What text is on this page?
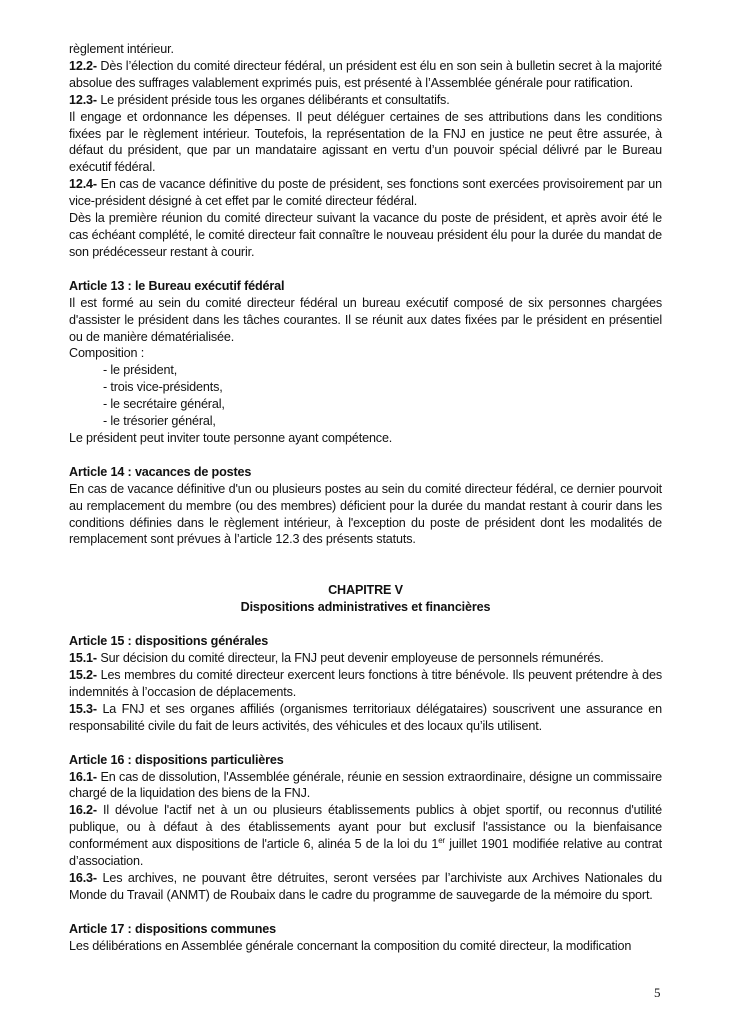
règlement intérieur.

12.2- Dès l’élection du comité directeur fédéral, un président est élu en son sein à bulletin secret à la majorité absolue des suffrages valablement exprimés puis, est présenté à l’Assemblée générale pour ratification.

12.3- Le président préside tous les organes délibérants et consultatifs.

Il engage et ordonnance les dépenses. Il peut déléguer certaines de ses attributions dans les conditions fixées par le règlement intérieur. Toutefois, la représentation de la FNJ en justice ne peut être assurée, à défaut du président, que par un mandataire agissant en vertu d’un pouvoir spécial délivré par le Bureau exécutif fédéral.

12.4- En cas de vacance définitive du poste de président, ses fonctions sont exercées provisoirement par un vice-président désigné à cet effet par le comité directeur fédéral.

Dès la première réunion du comité directeur suivant la vacance du poste de président, et après avoir été le cas échéant complété, le comité directeur fait connaître le nouveau président élu pour la durée du mandat de son prédécesseur restant à courir.

Article 13 : le Bureau exécutif fédéral

Il est formé au sein du comité directeur fédéral un bureau exécutif composé de six personnes chargées d'assister le président dans les tâches courantes. Il se réunit aux dates fixées par le président en présentiel ou de manière dématérialisée.

Composition :

- le président,

- trois vice-présidents,

- le secrétaire général,

- le trésorier général,

Le président peut inviter toute personne ayant compétence.

Article 14 : vacances de postes

En cas de vacance définitive d'un ou plusieurs postes au sein du comité directeur fédéral, ce dernier pourvoit au remplacement du membre (ou des membres) déficient pour la durée du mandat restant à courir dans les conditions définies dans le règlement intérieur, à l'exception du poste de président dont les modalités de remplacement sont prévues à l’article 12.3 des présents statuts.

CHAPITRE V

Dispositions administratives et financières

Article 15 : dispositions générales

15.1- Sur décision du comité directeur, la FNJ peut devenir employeuse de personnels rémunérés.

15.2- Les membres du comité directeur exercent leurs fonctions à titre bénévole. Ils peuvent prétendre à des indemnités à l’occasion de déplacements.

15.3- La FNJ et ses organes affiliés (organismes territoriaux délégataires) souscrivent une assurance en responsabilité civile du fait de leurs activités, des véhicules et des locaux qu’ils utilisent.

Article 16 : dispositions particulières

16.1- En cas de dissolution, l'Assemblée générale, réunie en session extraordinaire, désigne un commissaire chargé de la liquidation des biens de la FNJ.

16.2- Il dévolue l'actif net à un ou plusieurs établissements publics à objet sportif, ou reconnus d'utilité publique, ou à défaut à des établissements ayant pour but exclusif l'assistance ou la bienfaisance conformément aux dispositions de l'article 6, alinéa 5 de la loi du 1er juillet 1901 modifiée relative au contrat d’association.

16.3- Les archives, ne pouvant être détruites, seront versées par l’archiviste aux Archives Nationales du Monde du Travail (ANMT) de Roubaix dans le cadre du programme de sauvegarde de la mémoire du sport.

Article 17 : dispositions communes

Les délibérations en Assemblée générale concernant la composition du comité directeur, la modification

5
